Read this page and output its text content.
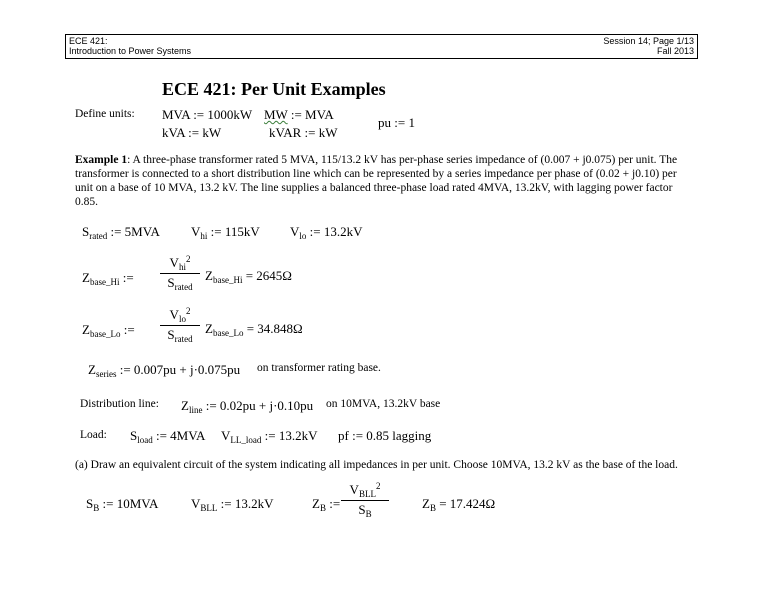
ECE 421:
Introduction to Power Systems
Session 14; Page 1/13
Fall 2013
ECE 421: Per Unit Examples
Define units: MVA := 1000kW
kVA := kW
MW := MVA
kVAR := kW
pu := 1
Example 1: A three-phase transformer rated 5 MVA, 115/13.2 kV has per-phase series impedance of (0.007 + j0.075) per unit. The transformer is connected to a short distribution line which can be represented by a series impedance per phase of (0.02 + j0.10) per unit on a base of 10 MVA, 13.2 kV. The line supplies a balanced three-phase load rated 4MVA, 13.2kV, with lagging power factor 0.85.
$S_{rated}$ := 5MVA $V_{hi}$ := 115kV $V_{lo}$ := 13.2kV
$Z_{base\_Hi}$ :=
$V_{hi}^2$
$S_{rated}$
$Z_{base\_Hi} = 2645\Omega$
$Z_{base\_Lo}$ :=
$V_{lo}^2$
$S_{rated}$
$Z_{base\_Lo} = 34.848\Omega$
$Z_{series}$ := 0.007pu + j·0.075pu on transformer rating base.
Distribution line: $Z_{line}$ := 0.02pu + j·0.10pu on 10MVA, 13.2kV base
Load: $S_{load}$ := 4MVA $V_{LL\_load}$ := 13.2kV pf := 0.85 lagging
(a) Draw an equivalent circuit of the system indicating all impedances in per unit. Choose 10MVA, 13.2 kV as the base of the load.
$S_B$ := 10MVA	$V_{BLL}$ := 13.2kV	$Z_B$ :=
$V_{BLL}^2$
$S_B$
$Z_B = 17.424\Omega$
